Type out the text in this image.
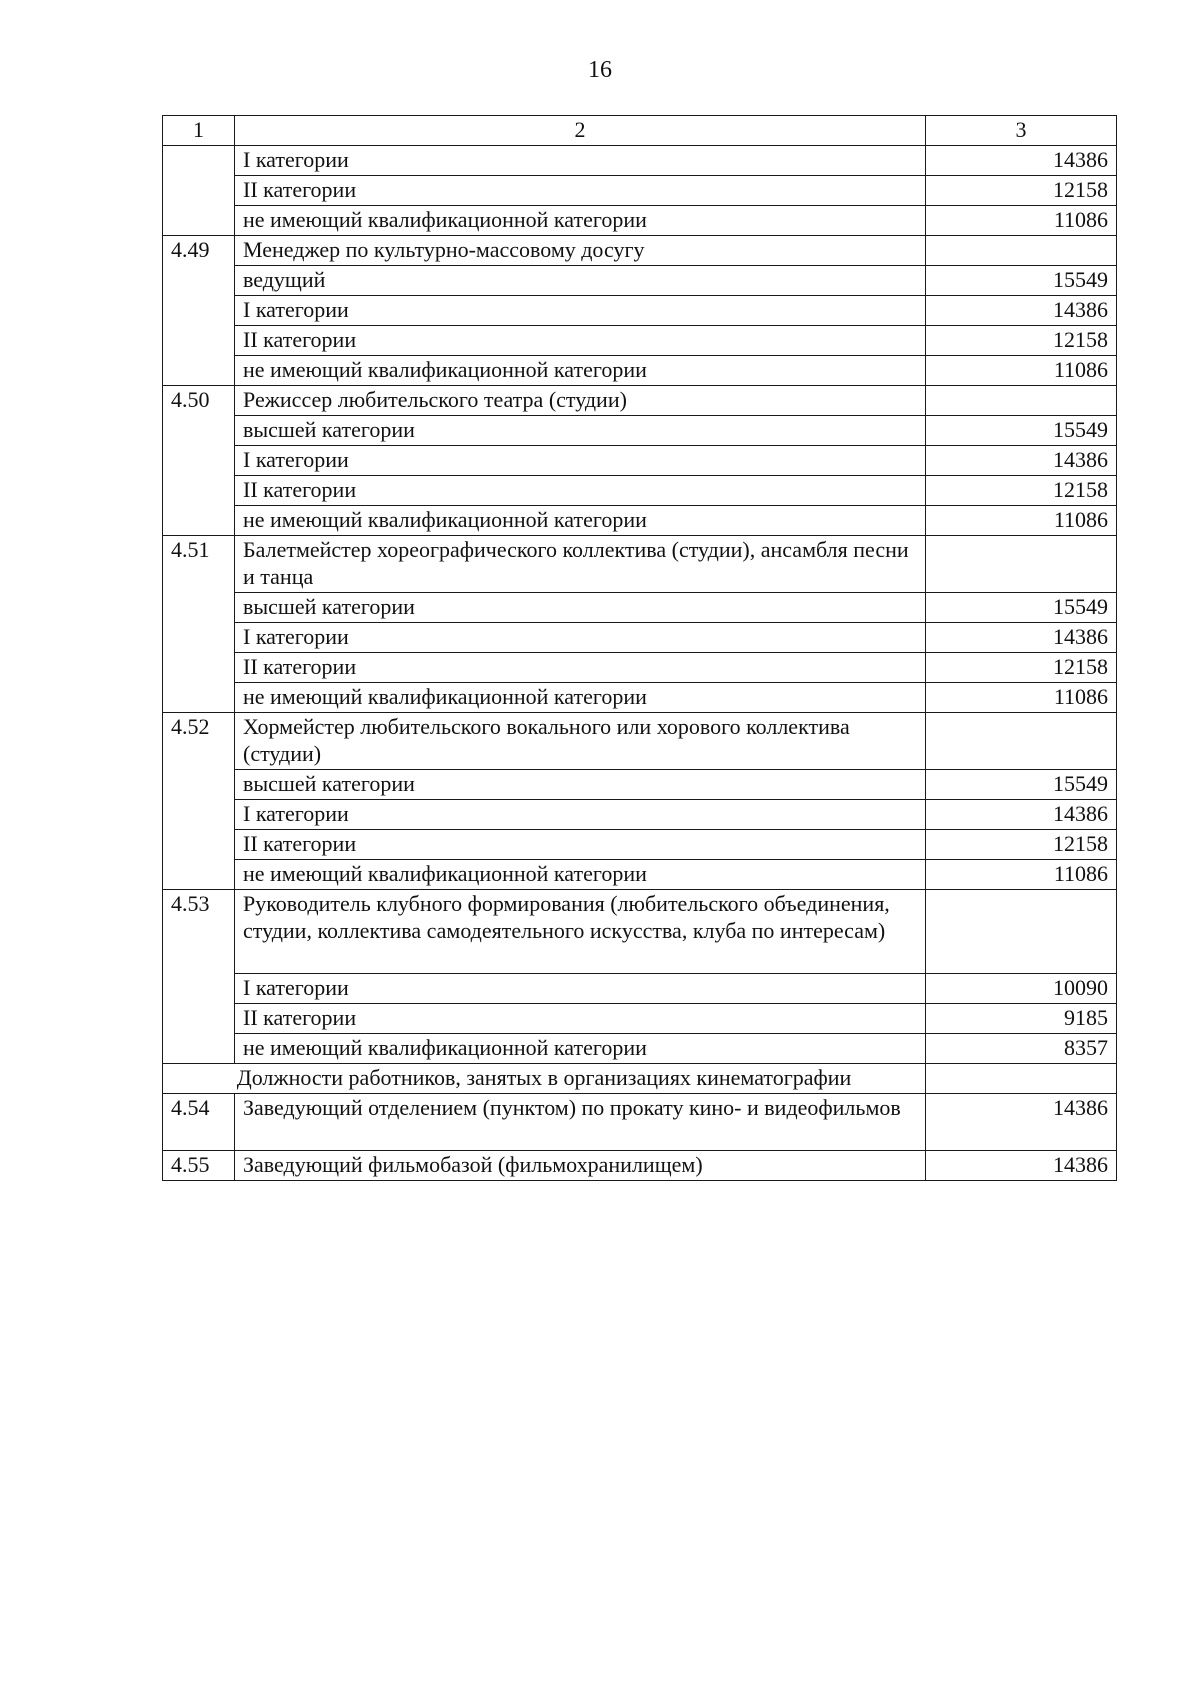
16
1	2	3
	I категории	14386
	II категории	12158
	не имеющий квалификационной категории	11086
4.49	Менеджер по культурно-массовому досугу	
	ведущий	15549
	I категории	14386
	II категории	12158
	не имеющий квалификационной категории	11086
4.50	Режиссер любительского театра (студии)	
	высшей категории	15549
	I категории	14386
	II категории	12158
	не имеющий квалификационной категории	11086
4.51	Балетмейстер хореографического коллектива (студии), ансамбля песни и танца	
	высшей категории	15549
	I категории	14386
	II категории	12158
	не имеющий квалификационной категории	11086
4.52	Хормейстер любительского вокального или хорового коллектива (студии)	
	высшей категории	15549
	I категории	14386
	II категории	12158
	не имеющий квалификационной категории	11086
4.53	Руководитель клубного формирования (любительского объединения, студии, коллектива самодеятельного искусства, клуба по интересам)	
	I категории	10090
	II категории	9185
	не имеющий квалификационной категории	8357
Должности работников, занятых в организациях кинематографии		
4.54	Заведующий отделением (пунктом) по прокату кино- и видеофильмов	14386
4.55	Заведующий фильмобазой (фильмохранилищем)	14386
